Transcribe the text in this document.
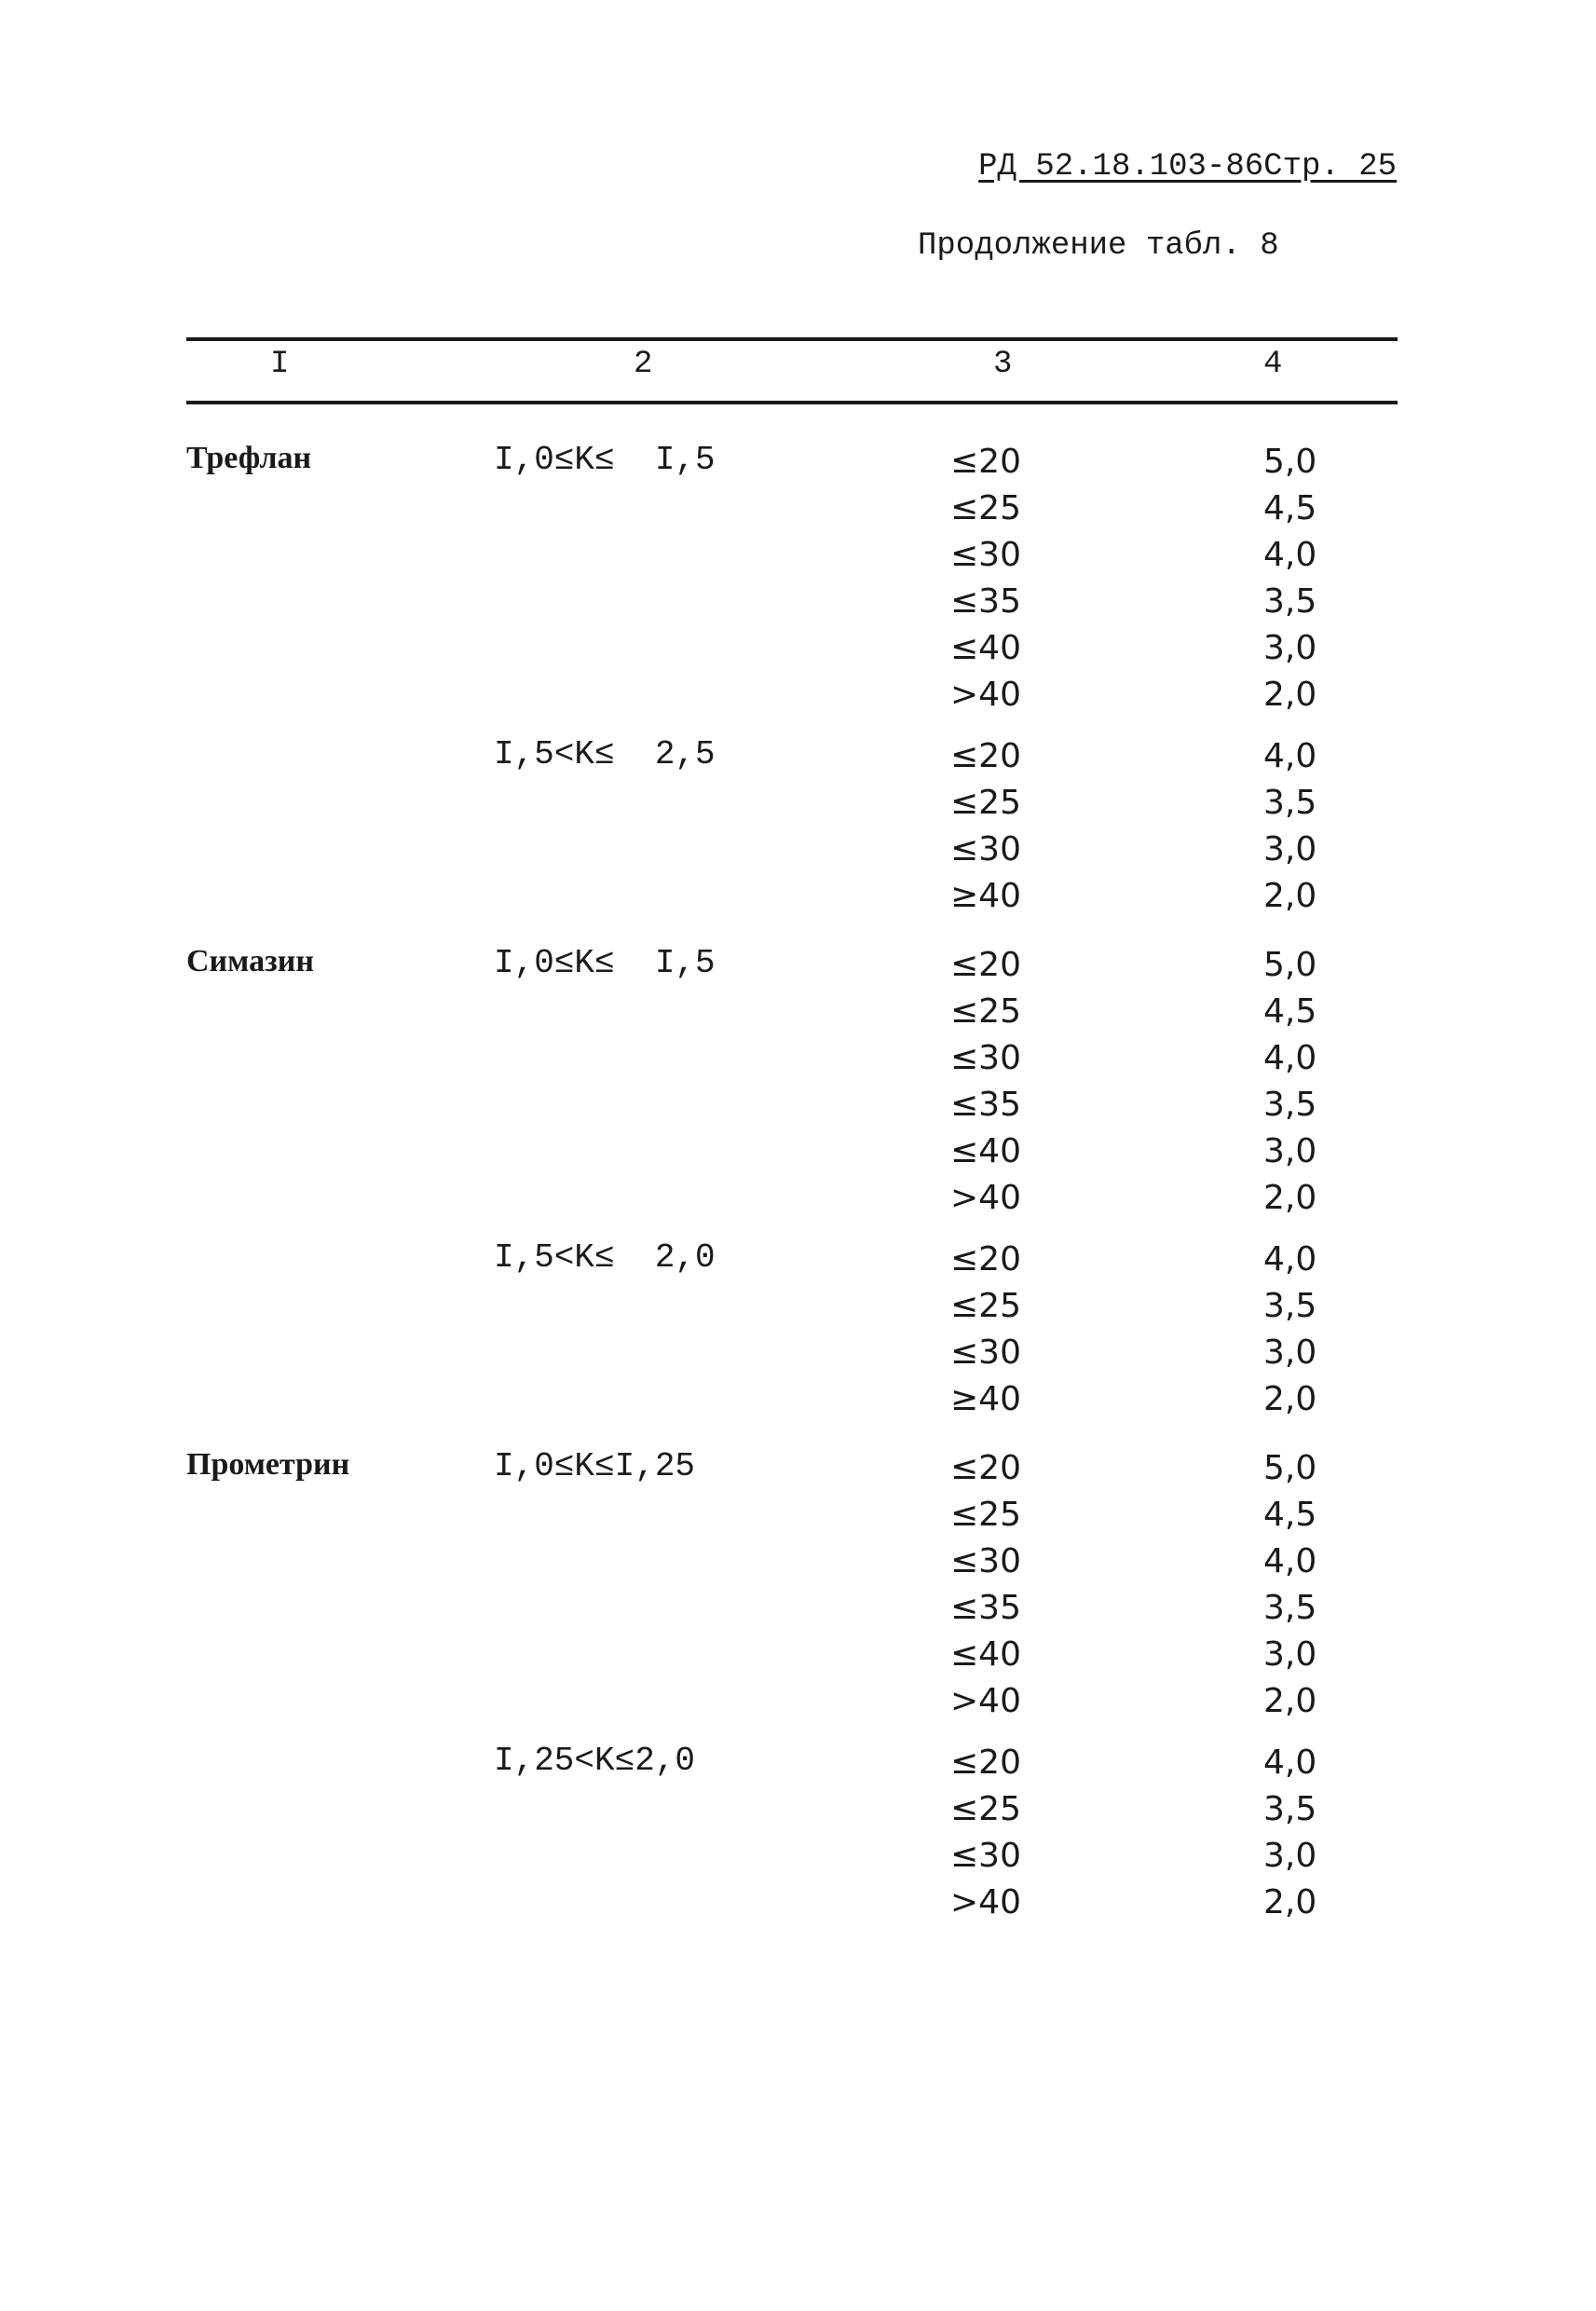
РД 52.18.103-86Стр. 25
Продолжение табл. 8
I	2	3	4
Трефлан	I,0≤K≤  I,5	≤20	5,0
≤25	4,5
≤30	4,0
≤35	3,5
≤40	3,0
>40	2,0
I,5<K≤  2,5	≤20	4,0
≤25	3,5
≤30	3,0
≥40	2,0
Симазин	I,0≤K≤  I,5	≤20	5,0
≤25	4,5
≤30	4,0
≤35	3,5
≤40	3,0
>40	2,0
I,5<K≤  2,0	≤20	4,0
≤25	3,5
≤30	3,0
≥40	2,0
Прометрин	I,0≤K≤I,25	≤20	5,0
≤25	4,5
≤30	4,0
≤35	3,5
≤40	3,0
>40	2,0
I,25<K≤2,0	≤20	4,0
≤25	3,5
≤30	3,0
>40	2,0
